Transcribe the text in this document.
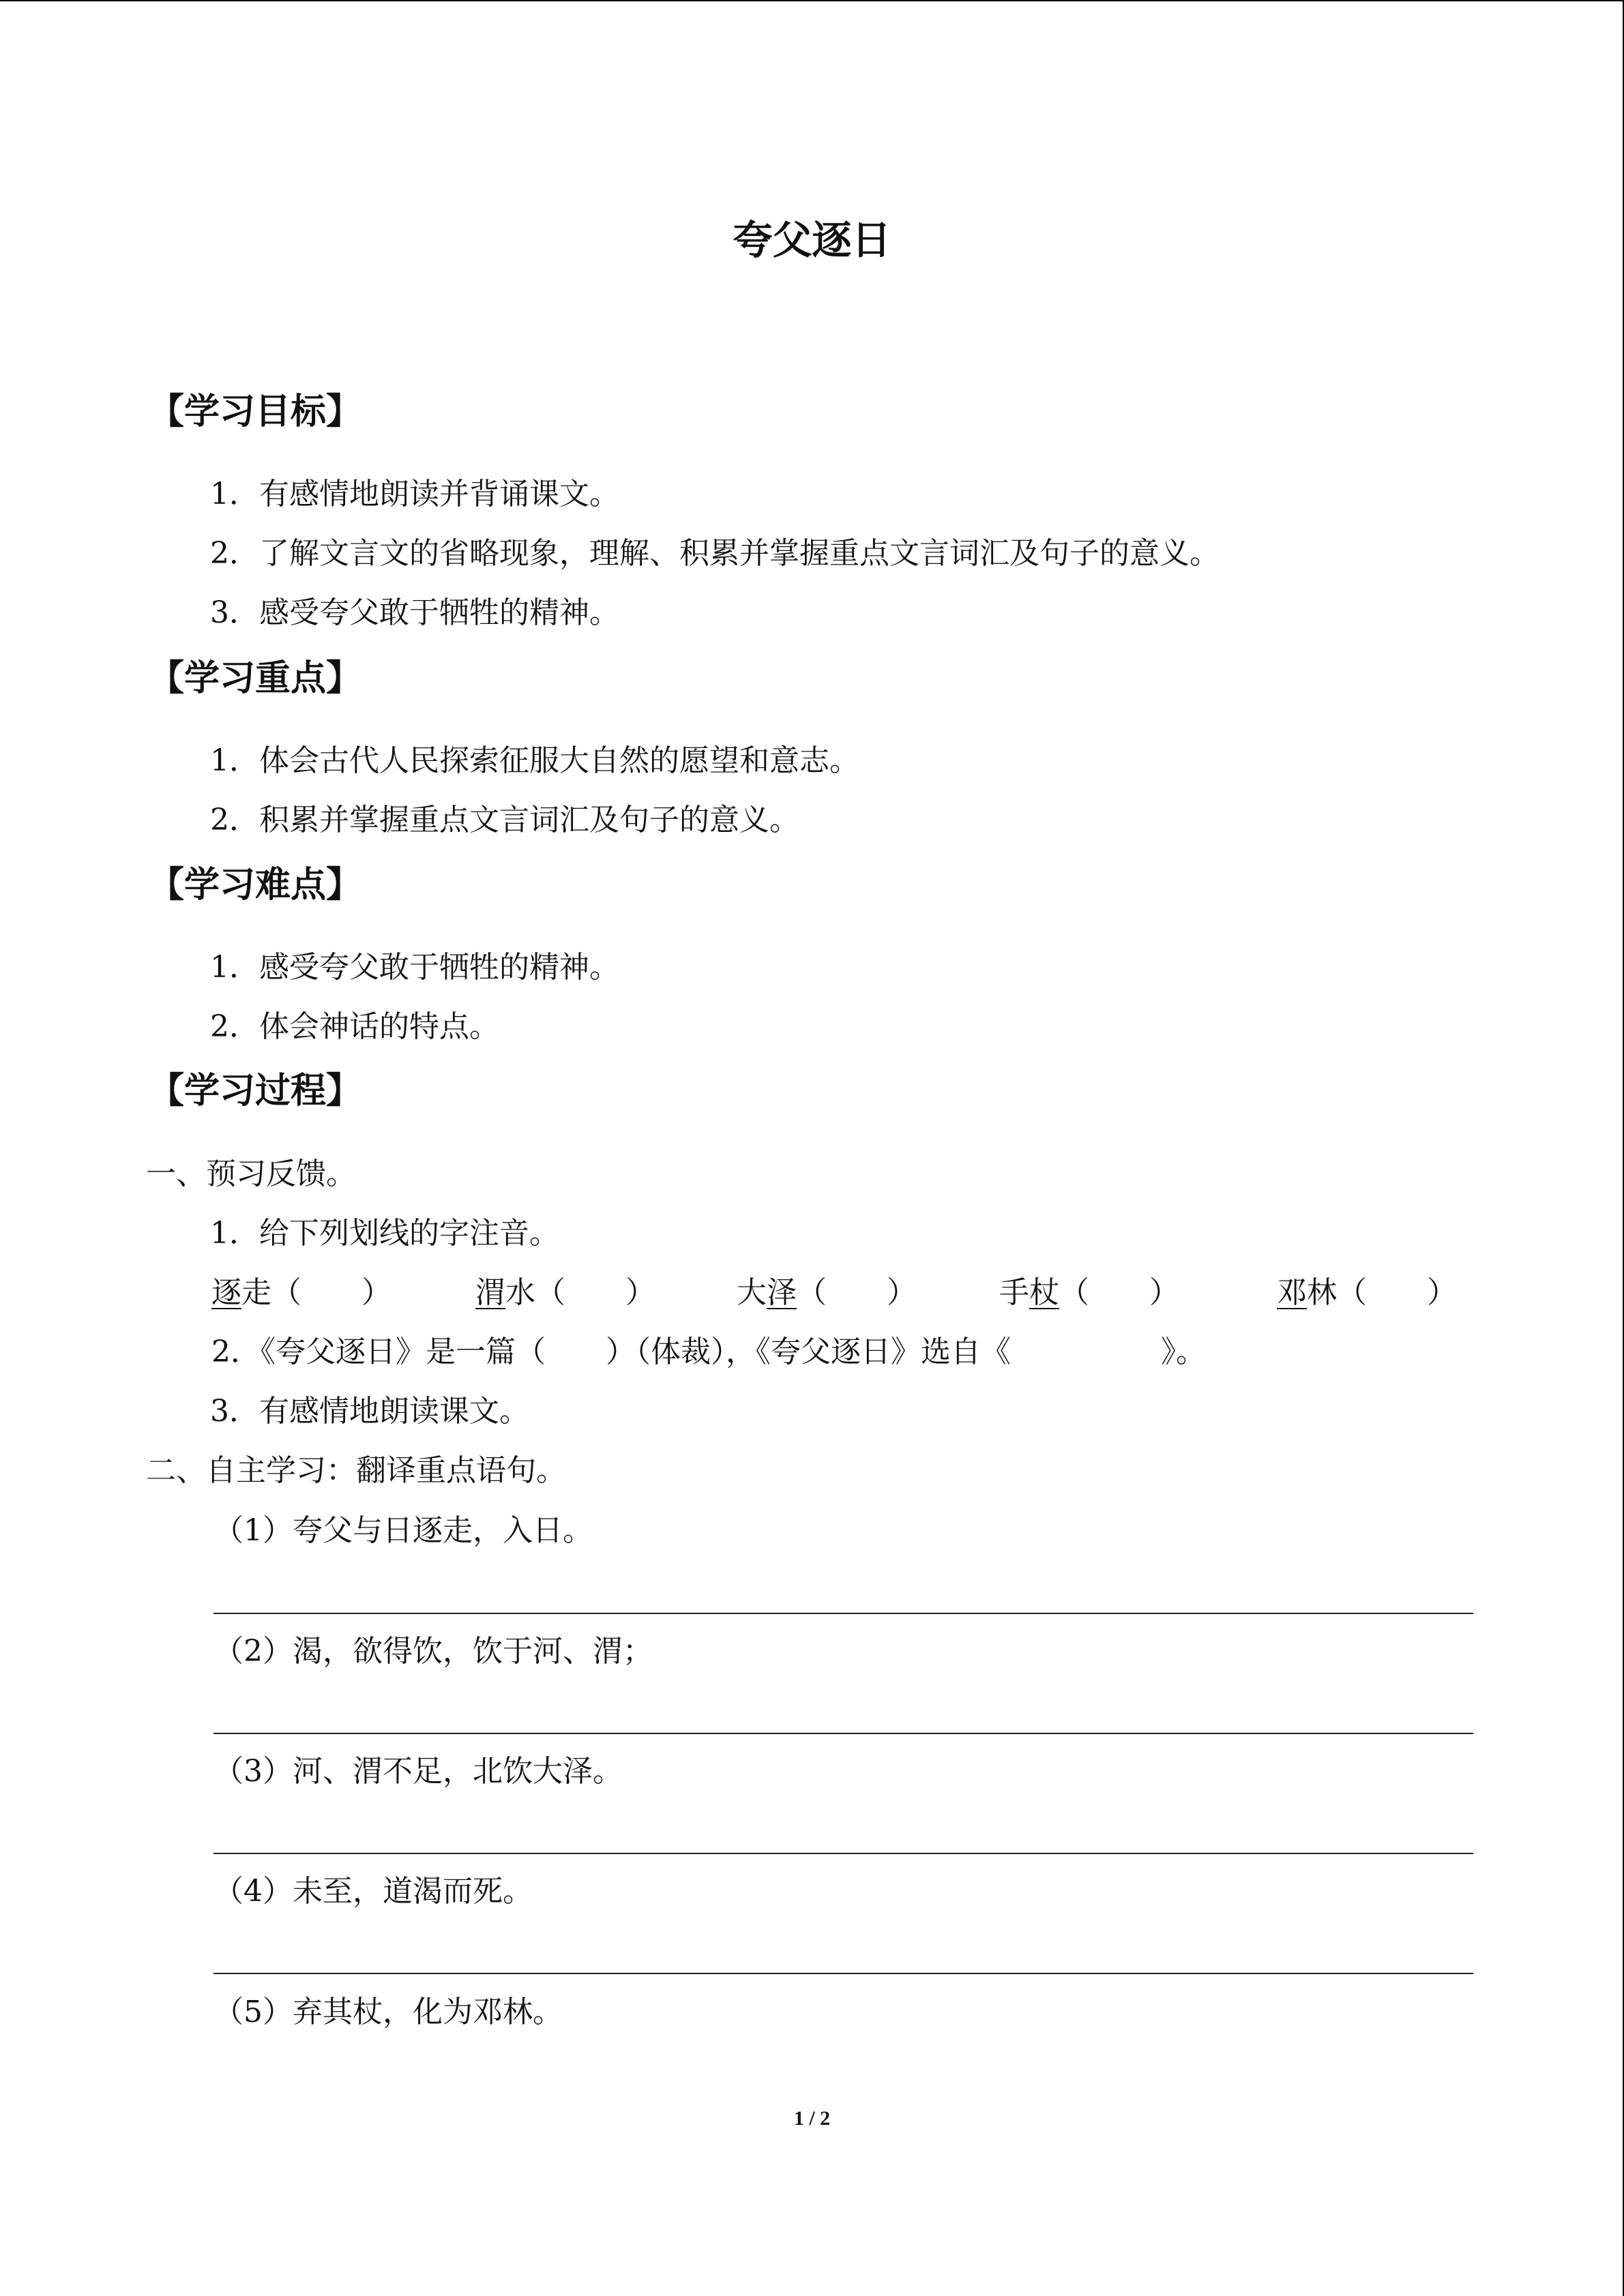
夸父逐日
【学习目标】
1．有感情地朗读并背诵课文。
2．了解文言文的省略现象，理解、积累并掌握重点文言词汇及句子的意义。
3．感受夸父敢于牺牲的精神。
【学习重点】
1．体会古代人民探索征服大自然的愿望和意志。
2．积累并掌握重点文言词汇及句子的意义。
【学习难点】
1．感受夸父敢于牺牲的精神。
2．体会神话的特点。
【学习过程】
一、预习反馈。
1．给下列划线的字注音。
逐走（　　）	渭水（　　）	大泽（　　）	手杖（　　）	邓林（　　）
2．《夸父逐日》是一篇（　　）（体裁），《夸父逐日》选自《　　　　　》。
3．有感情地朗读课文。
二、自主学习：翻译重点语句。
（1）夸父与日逐走，入日。
（2）渴，欲得饮，饮于河、渭；
（3）河、渭不足，北饮大泽。
（4）未至，道渴而死。
（5）弃其杖，化为邓林。
1 / 2
